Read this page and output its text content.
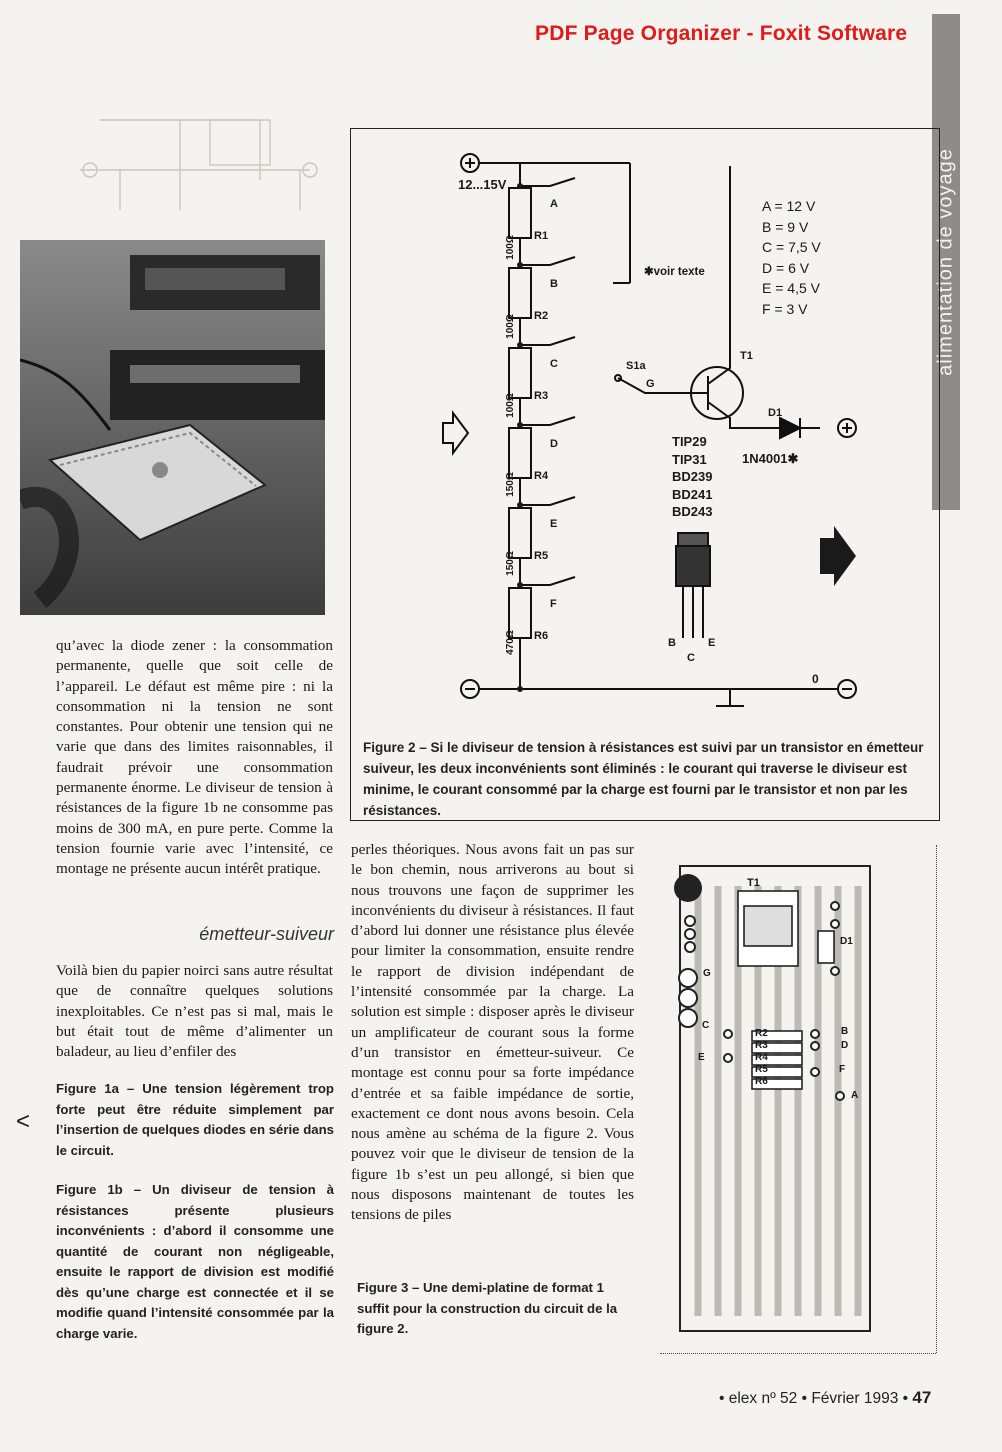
PDF Page Organizer - Foxit Software
alimentation de voyage
qu’avec la diode zener : la consommation permanente, quelle que soit celle de l’appareil. Le défaut est même pire : ni la consommation ni la tension ne sont constantes. Pour obtenir une tension qui ne varie que dans des limites raisonnables, il faudrait prévoir une consommation permanente énorme. Le diviseur de tension à résistances de la figure 1b ne consomme pas moins de 300 mA, en pure perte. Comme la tension fournie varie avec l’intensité, ce montage ne présente aucun intérêt pratique.
émetteur-suiveur
Voilà bien du papier noirci sans autre résultat que de connaître quelques solutions inexploitables. Ce n’est pas si mal, mais le but était tout de même d’alimenter un baladeur, au lieu d’enfiler des
Figure 1a – Une tension légèrement trop forte peut être réduite simplement par l’insertion de quelques diodes en série dans le circuit.
Figure 1b – Un diviseur de tension à résistances présente plusieurs inconvénients : d’abord il consomme une quantité de courant non négligeable, ensuite le rapport de division est modifié dès qu’une charge est connectée et il se modifie quand l’intensité consommée par la charge varie.
<
perles théoriques. Nous avons fait un pas sur le bon chemin, nous arriverons au bout si nous trouvons une façon de supprimer les inconvénients du diviseur à résistances. Il faut d’abord lui donner une résistance plus élevée pour limiter la consommation, ensuite rendre le rapport de division indépendant de l’intensité consommée par la charge. La solution est simple : disposer après le diviseur un amplificateur de courant sous la forme d’un transistor en émetteur-suiveur. Ce montage est connu pour sa forte impédance d’entrée et sa faible impédance de sortie, exactement ce dont nous avons besoin. Cela nous amène au schéma de la figure 2. Vous pouvez voir que le diviseur de tension de la figure 1b s’est un peu allongé, si bien que nous disposons maintenant de toutes les tensions de piles
Figure 3 – Une demi-platine de format 1 suffit pour la construction du circuit de la figure 2.
12...15V
100Ω
100Ω
100Ω
150Ω
150Ω
470Ω
R1
R2
R3
R4
R5
R6
A
B
C
D
E
F
S1a
G
A = 12 V
B = 9 V
C = 7,5 V
D = 6 V
E = 4,5 V
F = 3 V
✱voir texte
T1
D1
TIP29
TIP31
BD239
BD241
BD243
1N4001✱
B
C
E
0
Figure 2 – Si le diviseur de tension à résistances est suivi par un transistor en émetteur suiveur, les deux inconvénients sont éliminés : le courant qui traverse le diviseur est minime, le courant consommé par la charge est fourni par le transistor et non par les résistances.
T1
D1
R2
R3
R4
R5
R6
B
D
F
A
C
E
G
• elex nº 52 • Février 1993 • 47
